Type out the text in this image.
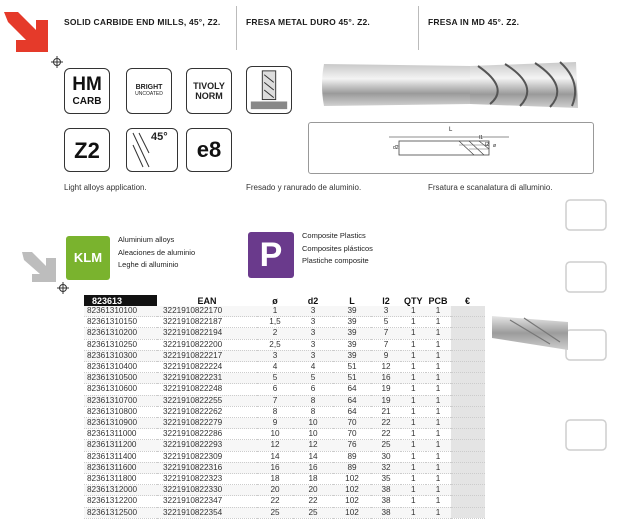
SOLID CARBIDE END MILLS, 45°, Z2.	FRESA METAL DURO 45°. Z2.	FRESA IN MD 45°. Z2.
HM
CARB
BRIGHT
UNCOATED
TIVOLY
NORM
Z2
45°	e8
L
l1
l2
d2	ø
Light alloys application.	Fresado y ranurado de aluminio.	Frsatura e scanalatura di alluminio.
KLM
Aluminium alloys
Aleaciones de aluminio
Leghe di alluminio	P
Composite Plastics
Composites plásticos
Plastiche composite
823613	EAN	ø	d2	L	l2	QTY	PCB	€
82361310100	3221910822170	1	3	39	3	1	1	
82361310150	3221910822187	1,5	3	39	5	1	1	
82361310200	3221910822194	2	3	39	7	1	1	
82361310250	3221910822200	2,5	3	39	7	1	1	
82361310300	3221910822217	3	3	39	9	1	1	
82361310400	3221910822224	4	4	51	12	1	1	
82361310500	3221910822231	5	5	51	16	1	1	
82361310600	3221910822248	6	6	64	19	1	1	
82361310700	3221910822255	7	8	64	19	1	1	
82361310800	3221910822262	8	8	64	21	1	1	
82361310900	3221910822279	9	10	70	22	1	1	
82361311000	3221910822286	10	10	70	22	1	1	
82361311200	3221910822293	12	12	76	25	1	1	
82361311400	3221910822309	14	14	89	30	1	1	
82361311600	3221910822316	16	16	89	32	1	1	
82361311800	3221910822323	18	18	102	35	1	1	
82361312000	3221910822330	20	20	102	38	1	1	
82361312200	3221910822347	22	22	102	38	1	1	
82361312500	3221910822354	25	25	102	38	1	1	
